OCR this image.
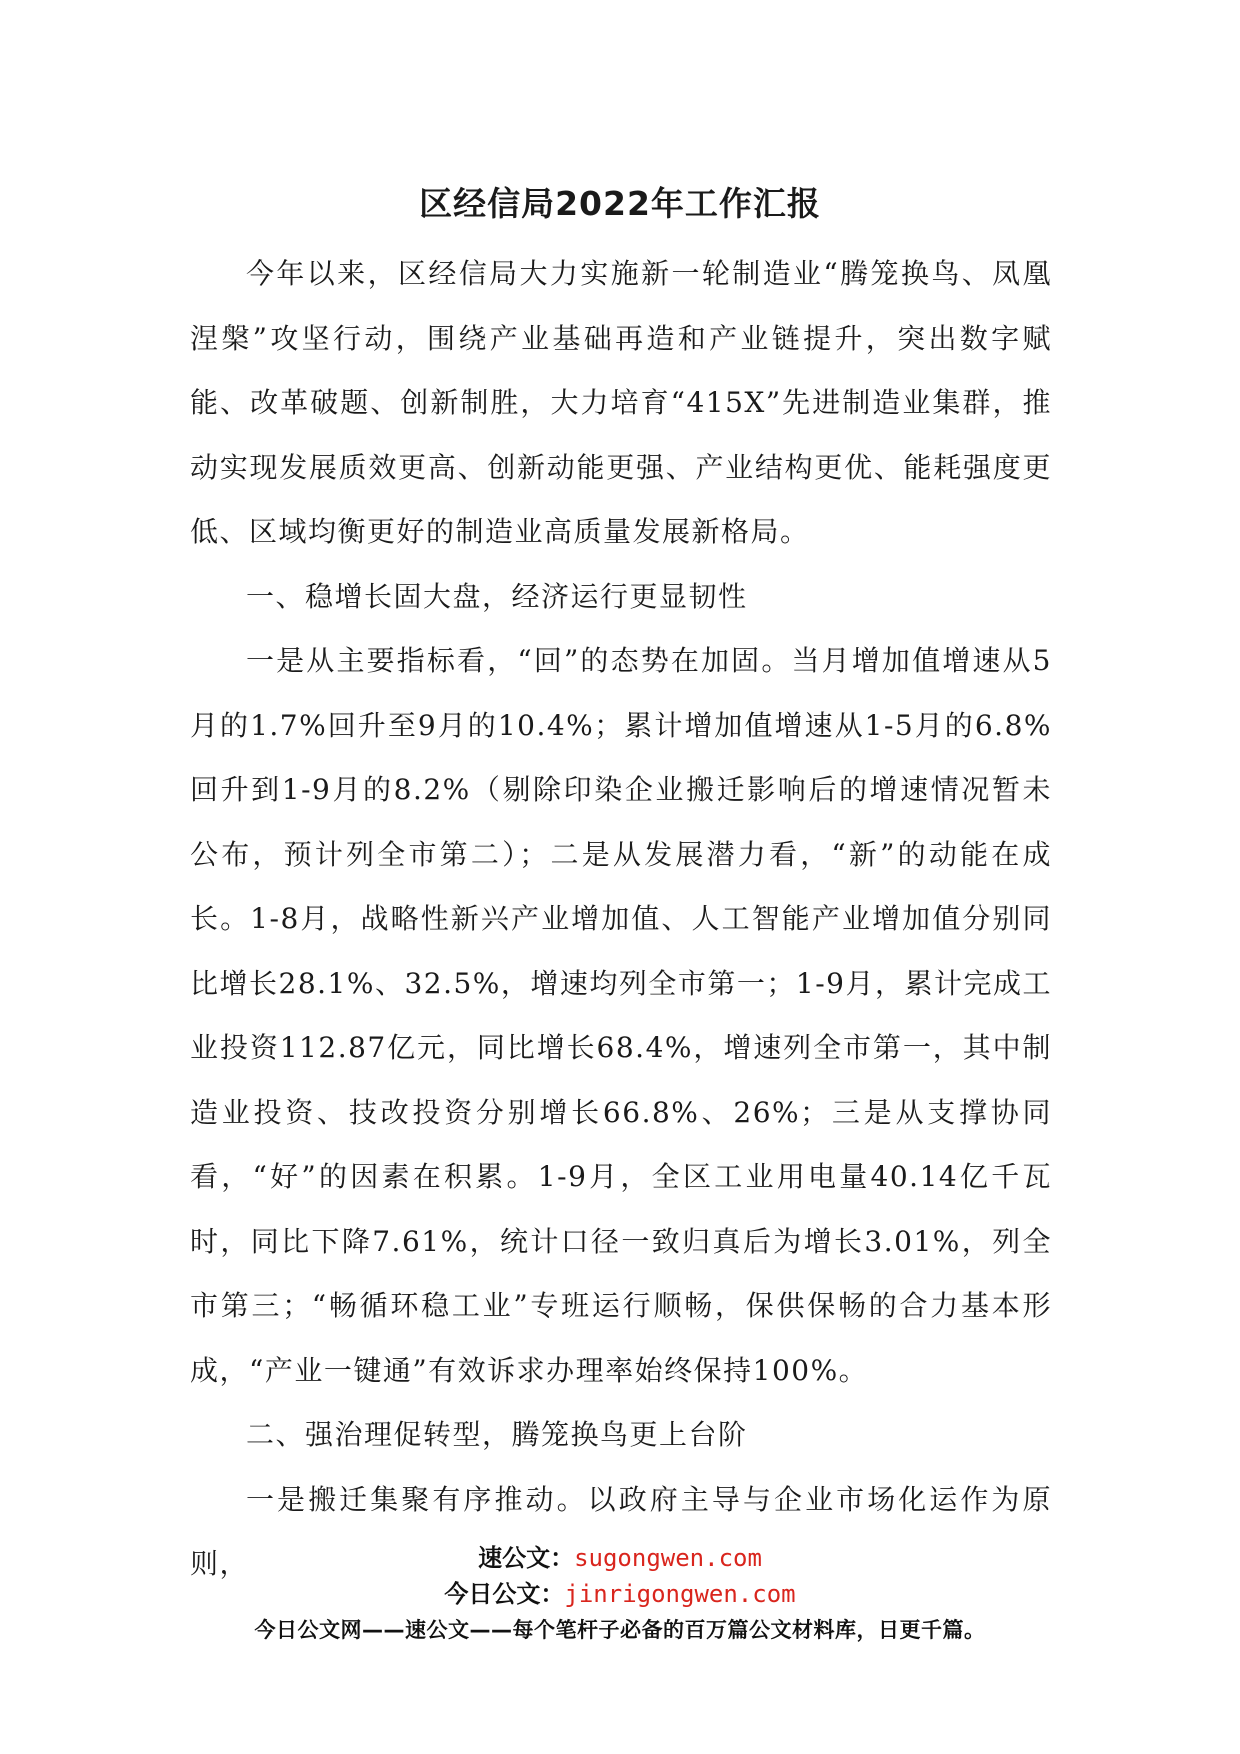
区经信局2022年工作汇报

今年以来，区经信局大力实施新一轮制造业“腾笼换鸟、凤凰涅槃”攻坚行动，围绕产业基础再造和产业链提升，突出数字赋能、改革破题、创新制胜，大力培育“415X”先进制造业集群，推动实现发展质效更高、创新动能更强、产业结构更优、能耗强度更低、区域均衡更好的制造业高质量发展新格局。

一、稳增长固大盘，经济运行更显韧性

一是从主要指标看，“回”的态势在加固。当月增加值增速从5月的1.7%回升至9月的10.4%；累计增加值增速从1-5月的6.8%回升到1-9月的8.2%（剔除印染企业搬迁影响后的增速情况暂未公布，预计列全市第二）；二是从发展潜力看，“新”的动能在成长。1-8月，战略性新兴产业增加值、人工智能产业增加值分别同比增长28.1%、32.5%，增速均列全市第一；1-9月，累计完成工业投资112.87亿元，同比增长68.4%，增速列全市第一，其中制造业投资、技改投资分别增长66.8%、26%；三是从支撑协同看，“好”的因素在积累。1-9月，全区工业用电量40.14亿千瓦时，同比下降7.61%，统计口径一致归真后为增长3.01%，列全市第三；“畅循环稳工业”专班运行顺畅，保供保畅的合力基本形成，“产业一键通”有效诉求办理率始终保持100%。

二、强治理促转型，腾笼换鸟更上台阶

一是搬迁集聚有序推动。以政府主导与企业市场化运作为原则，	速公文：sugongwen.com
今日公文：jinrigongwen.com
今日公文网——速公文——每个笔杆子必备的百万篇公文材料库，日更千篇。
